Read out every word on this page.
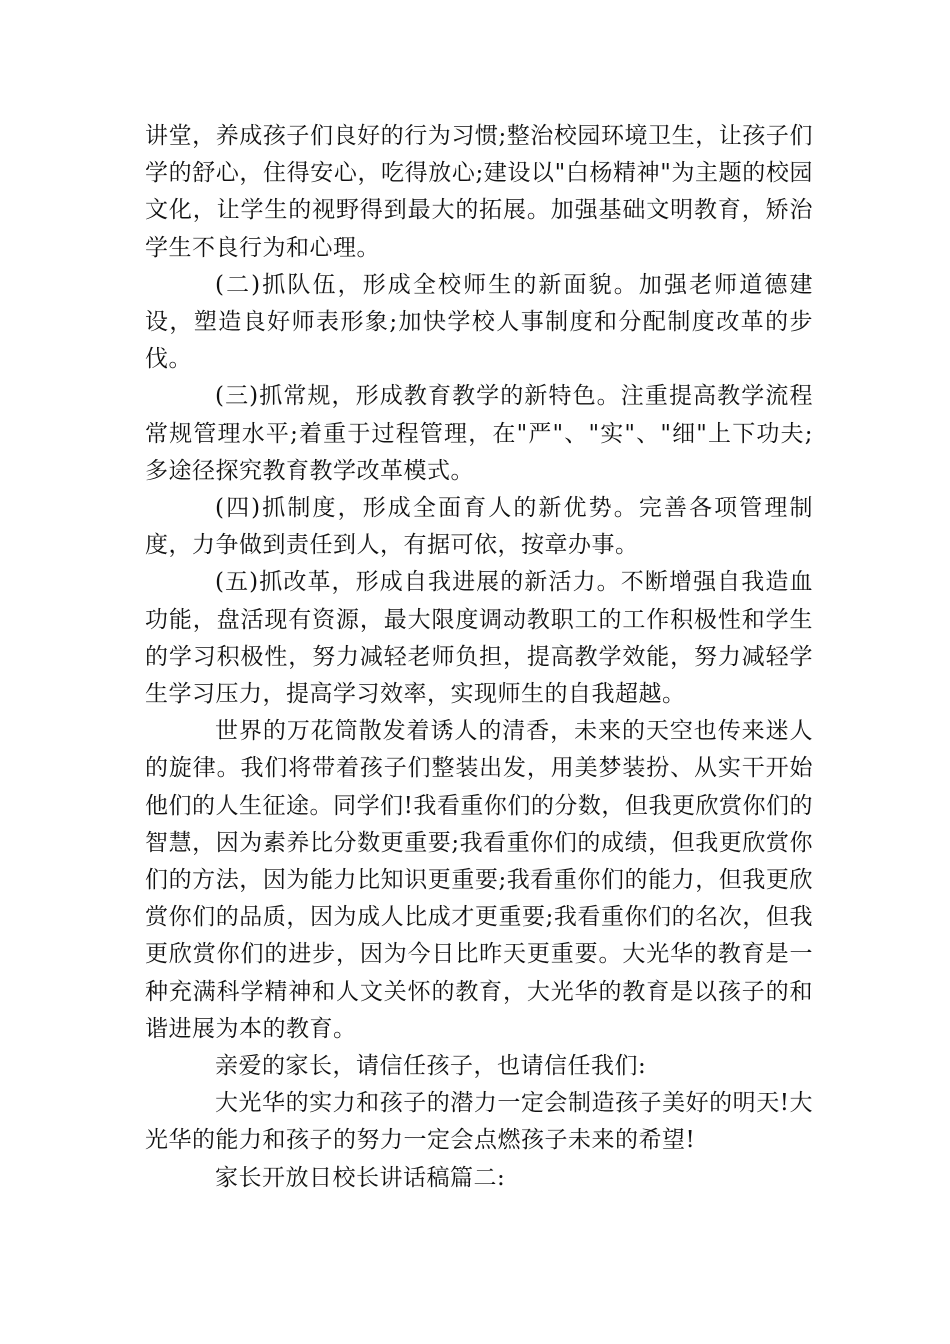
讲堂，养成孩子们良好的行为习惯;整治校园环境卫生，让孩子们学的舒心，住得安心，吃得放心;建设以"白杨精神"为主题的校园文化，让学生的视野得到最大的拓展。加强基础文明教育，矫治学生不良行为和心理。

(二)抓队伍，形成全校师生的新面貌。加强老师道德建设，塑造良好师表形象;加快学校人事制度和分配制度改革的步伐。

(三)抓常规，形成教育教学的新特色。注重提高教学流程常规管理水平;着重于过程管理，在"严"、"实"、"细"上下功夫;多途径探究教育教学改革模式。

(四)抓制度，形成全面育人的新优势。完善各项管理制度，力争做到责任到人，有据可依，按章办事。

(五)抓改革，形成自我进展的新活力。不断增强自我造血功能，盘活现有资源，最大限度调动教职工的工作积极性和学生的学习积极性，努力减轻老师负担，提高教学效能，努力减轻学生学习压力，提高学习效率，实现师生的自我超越。

世界的万花筒散发着诱人的清香，未来的天空也传来迷人的旋律。我们将带着孩子们整装出发，用美梦装扮、从实干开始他们的人生征途。同学们!我看重你们的分数，但我更欣赏你们的智慧，因为素养比分数更重要;我看重你们的成绩，但我更欣赏你们的方法，因为能力比知识更重要;我看重你们的能力，但我更欣赏你们的品质，因为成人比成才更重要;我看重你们的名次，但我更欣赏你们的进步，因为今日比昨天更重要。大光华的教育是一种充满科学精神和人文关怀的教育，大光华的教育是以孩子的和谐进展为本的教育。

亲爱的家长，请信任孩子，也请信任我们:

大光华的实力和孩子的潜力一定会制造孩子美好的明天!大光华的能力和孩子的努力一定会点燃孩子未来的希望!

家长开放日校长讲话稿篇二:
